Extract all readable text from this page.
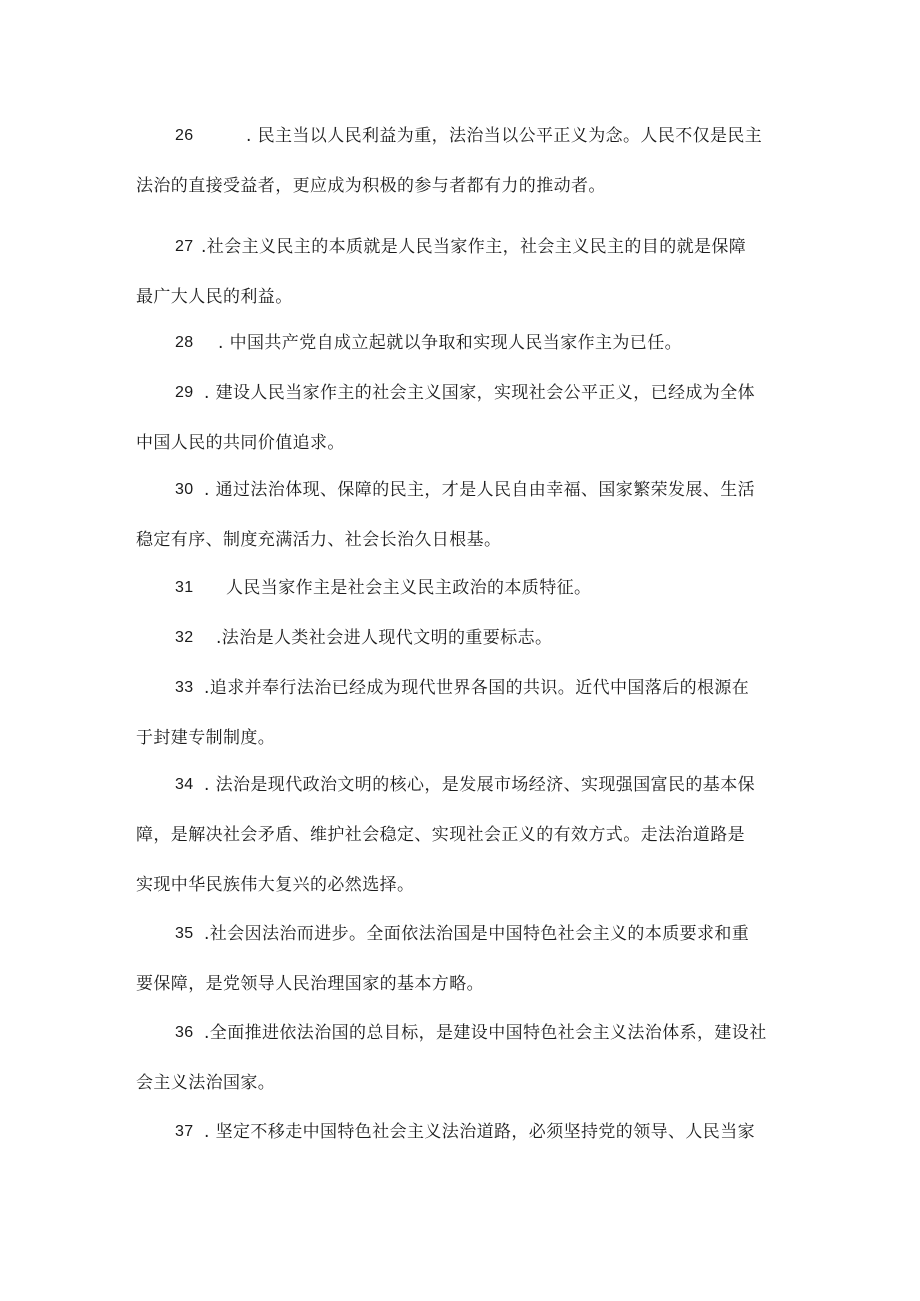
26	. 民主当以人民利益为重，法治当以公平正义为念。人民不仅是民主
法治的直接受益者，更应成为积极的参与者都有力的推动者。
27 .社会主义民主的本质就是人民当家作主，社会主义民主的目的就是保障
最广大人民的利益。
28	. 中国共产党自成立起就以争取和实现人民当家作主为已任。
29 . 建设人民当家作主的社会主义国家，实现社会公平正义，已经成为全体
中国人民的共同价值追求。
30 . 通过法治体现、保障的民主，才是人民自由幸福、国家繁荣发展、生活
稳定有序、制度充满活力、社会长治久日根基。
31	人民当家作主是社会主义民主政治的本质特征。
32	.法治是人类社会进人现代文明的重要标志。
33 .追求并奉行法治已经成为现代世界各国的共识。近代中国落后的根源在
于封建专制制度。
34 . 法治是现代政治文明的核心，是发展市场经济、实现强国富民的基本保
障，是解决社会矛盾、维护社会稳定、实现社会正义的有效方式。走法治道路是
实现中华民族伟大复兴的必然选择。
35 .社会因法治而进步。全面依法治国是中国特色社会主义的本质要求和重
要保障，是党领导人民治理国家的基本方略。
36 .全面推进依法治国的总目标，是建设中国特色社会主义法治体系，建设社
会主义法治国家。
37 . 坚定不移走中国特色社会主义法治道路，必须坚持党的领导、人民当家
